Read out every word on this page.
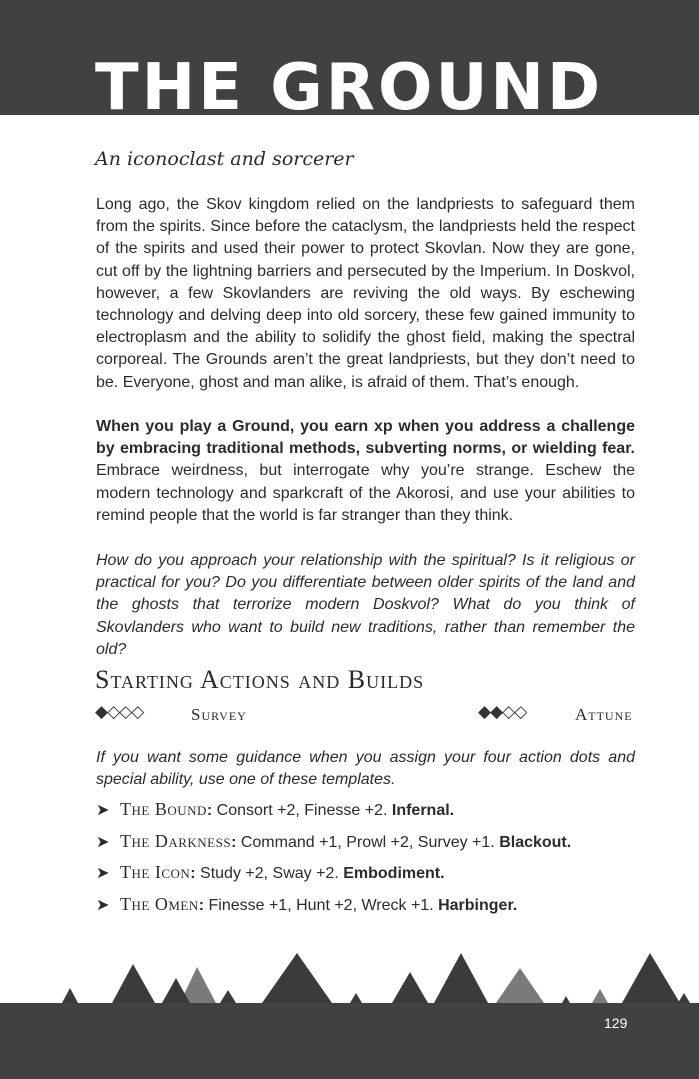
THE GROUND
An iconoclast and sorcerer

Long ago, the Skov kingdom relied on the landpriests to safeguard them from the spirits. Since before the cataclysm, the landpriests held the respect of the spirits and used their power to protect Skovlan. Now they are gone, cut off by the lightning barriers and persecuted by the Imperium. In Doskvol, however, a few Skovlanders are reviving the old ways. By eschewing technology and delving deep into old sorcery, these few gained immunity to electroplasm and the ability to solidify the ghost field, making the spectral corporeal. The Grounds aren’t the great landpriests, but they don’t need to be. Everyone, ghost and man alike, is afraid of them. That’s enough.

When you play a Ground, you earn xp when you address a challenge by embracing traditional methods, subverting norms, or wielding fear. Embrace weirdness, but interrogate why you’re strange. Eschew the modern technology and sparkcraft of the Akorosi, and use your abilities to remind people that the world is far stranger than they think.

How do you approach your relationship with the spiritual? Is it religious or practical for you? Do you differentiate between older spirits of the land and the ghosts that terrorize modern Doskvol? What do you think of Skovlanders who want to build new traditions, rather than remember the old?

Starting Actions and Builds
◆◇◇◇	Survey	◆◆◇◇	Attune

If you want some guidance when you assign your four action dots and special ability, use one of these templates.

➤ The Bound: Consort +2, Finesse +2. Infernal.
➤ The Darkness: Command +1, Prowl +2, Survey +1. Blackout.
➤ The Icon: Study +2, Sway +2. Embodiment.
➤ The Omen: Finesse +1, Hunt +2, Wreck +1. Harbinger.
129
